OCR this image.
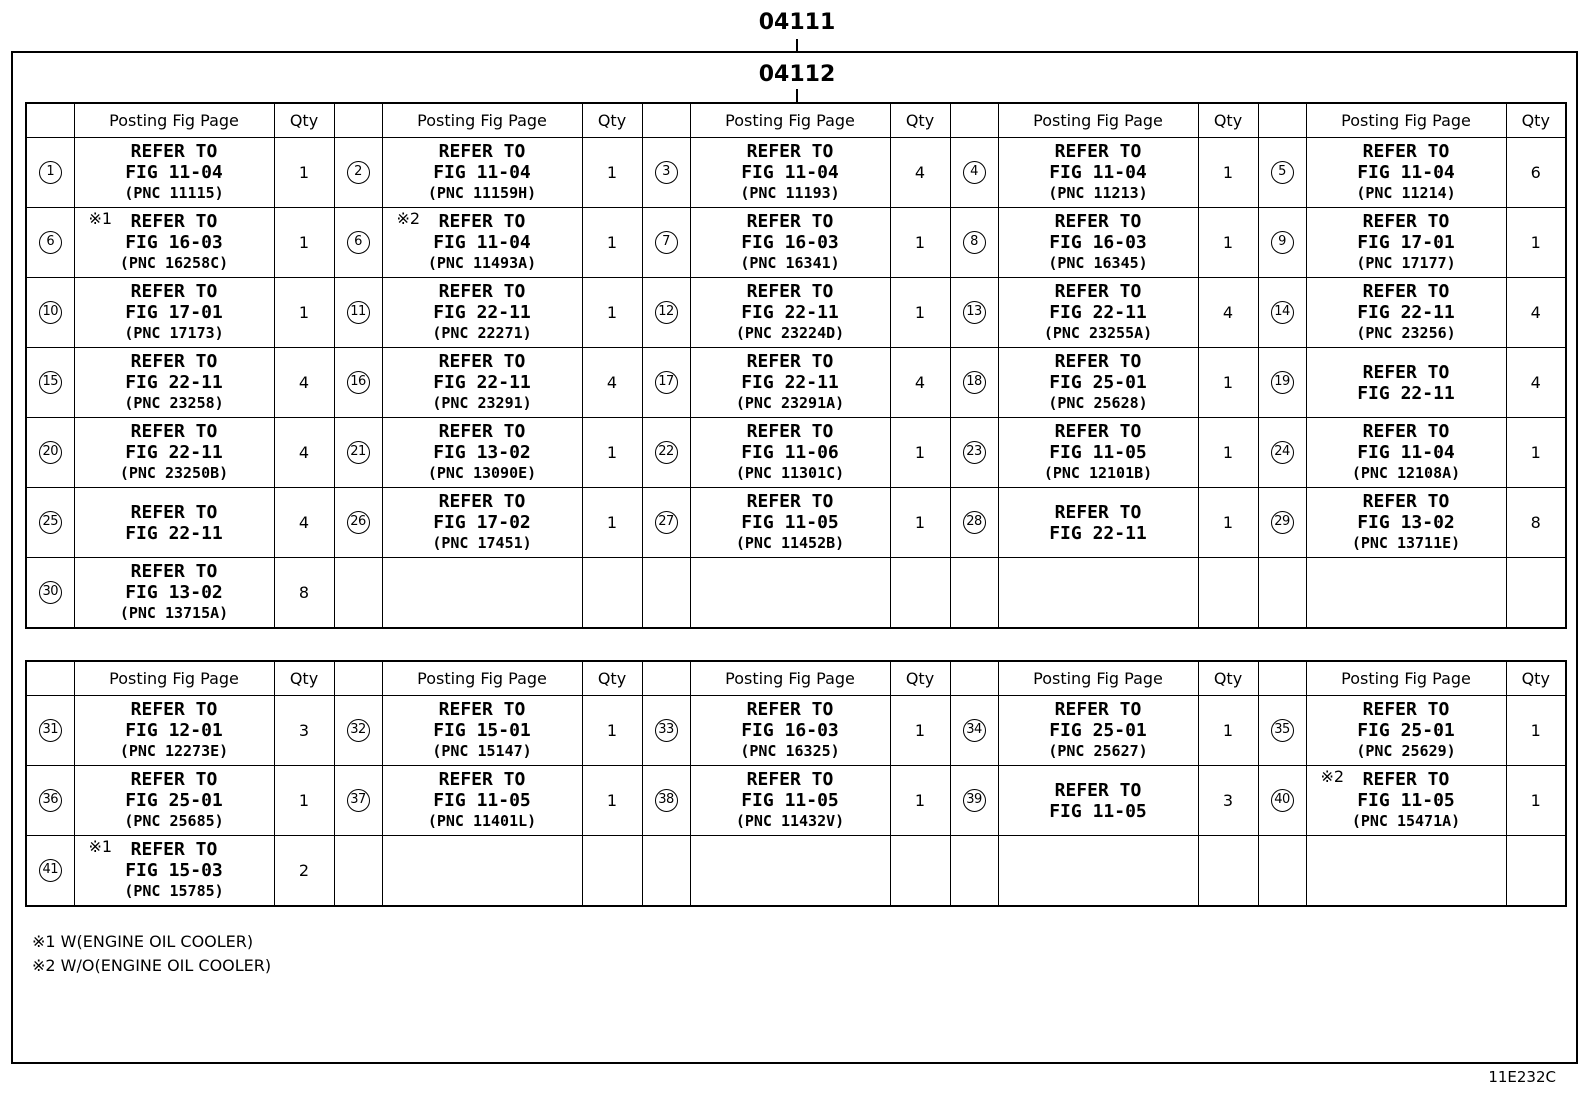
04111
04112
	Posting Fig Page	Qty		Posting Fig Page	Qty		Posting Fig Page	Qty		Posting Fig Page	Qty		Posting Fig Page	Qty
1	REFER TO
FIG 11-04
(PNC 11115)	1	2	REFER TO
FIG 11-04
(PNC 11159H)	1	3	REFER TO
FIG 11-04
(PNC 11193)	4	4	REFER TO
FIG 11-04
(PNC 11213)	1	5	REFER TO
FIG 11-04
(PNC 11214)	6
6	※1 REFER TO
FIG 16-03
(PNC 16258C)	1	6	※2 REFER TO
FIG 11-04
(PNC 11493A)	1	7	REFER TO
FIG 16-03
(PNC 16341)	1	8	REFER TO
FIG 16-03
(PNC 16345)	1	9	REFER TO
FIG 17-01
(PNC 17177)	1
10	REFER TO
FIG 17-01
(PNC 17173)	1	11	REFER TO
FIG 22-11
(PNC 22271)	1	12	REFER TO
FIG 22-11
(PNC 23224D)	1	13	REFER TO
FIG 22-11
(PNC 23255A)	4	14	REFER TO
FIG 22-11
(PNC 23256)	4
15	REFER TO
FIG 22-11
(PNC 23258)	4	16	REFER TO
FIG 22-11
(PNC 23291)	4	17	REFER TO
FIG 22-11
(PNC 23291A)	4	18	REFER TO
FIG 25-01
(PNC 25628)	1	19	REFER TO
FIG 22-11	4
20	REFER TO
FIG 22-11
(PNC 23250B)	4	21	REFER TO
FIG 13-02
(PNC 13090E)	1	22	REFER TO
FIG 11-06
(PNC 11301C)	1	23	REFER TO
FIG 11-05
(PNC 12101B)	1	24	REFER TO
FIG 11-04
(PNC 12108A)	1
25	REFER TO
FIG 22-11	4	26	REFER TO
FIG 17-02
(PNC 17451)	1	27	REFER TO
FIG 11-05
(PNC 11452B)	1	28	REFER TO
FIG 22-11	1	29	REFER TO
FIG 13-02
(PNC 13711E)	8
30	REFER TO
FIG 13-02
(PNC 13715A)	8												
	Posting Fig Page	Qty		Posting Fig Page	Qty		Posting Fig Page	Qty		Posting Fig Page	Qty		Posting Fig Page	Qty
31	REFER TO
FIG 12-01
(PNC 12273E)	3	32	REFER TO
FIG 15-01
(PNC 15147)	1	33	REFER TO
FIG 16-03
(PNC 16325)	1	34	REFER TO
FIG 25-01
(PNC 25627)	1	35	REFER TO
FIG 25-01
(PNC 25629)	1
36	REFER TO
FIG 25-01
(PNC 25685)	1	37	REFER TO
FIG 11-05
(PNC 11401L)	1	38	REFER TO
FIG 11-05
(PNC 11432V)	1	39	REFER TO
FIG 11-05	3	40	※2 REFER TO
FIG 11-05
(PNC 15471A)	1
41	※1 REFER TO
FIG 15-03
(PNC 15785)	2												
※1 W(ENGINE OIL COOLER)
※2 W/O(ENGINE OIL COOLER)
11E232C
